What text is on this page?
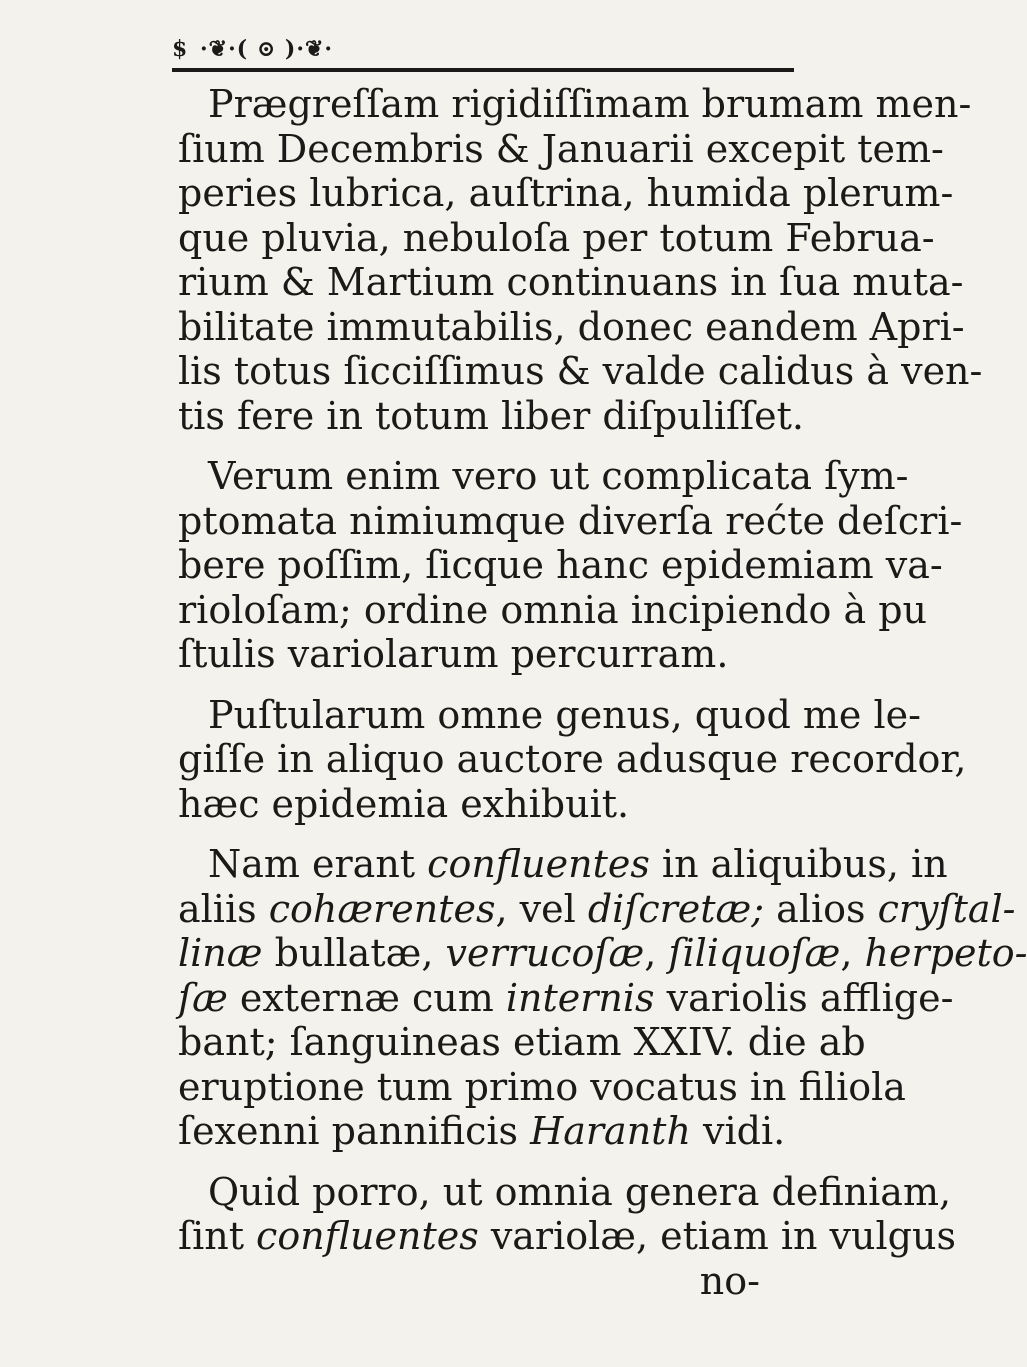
$ ·❦·( ⊙ )·❦·
Prægreſſam rigidiſſimam brumam men-
ſium Decembris & Januarii excepit tem-
peries lubrica, auſtrina, humida plerum-
que pluvia, nebuloſa per totum Februa-
rium & Martium continuans in ſua muta-
bilitate immutabilis, donec eandem Apri-
lis totus ſicciſſimus & valde calidus à ven-
tis fere in totum liber diſpuliſſet.
Verum enim vero ut complicata ſym-
ptomata nimiumque diverſa rećte deſcri-
bere poſſim, ſicque hanc epidemiam va-
rioloſam; ordine omnia incipiendo à pu
ſtulis variolarum percurram.
Puſtularum omne genus, quod me le-
giſſe in aliquo auctore adusque recordor,
hæc epidemia exhibuit.
Nam erant confluentes in aliquibus, in
aliis cohærentes, vel diſcretæ; alios cryſtal-
linæ bullatæ, verrucoſæ, ſiliquoſæ, herpeto-
ſæ externæ cum internis variolis afflige-
bant; ſanguineas etiam XXIV. die ab
eruptione tum primo vocatus in filiola
ſexenni pannificis Haranth vidi.
Quid porro, ut omnia genera definiam,
ſint confluentes variolæ, etiam in vulgus
no-
